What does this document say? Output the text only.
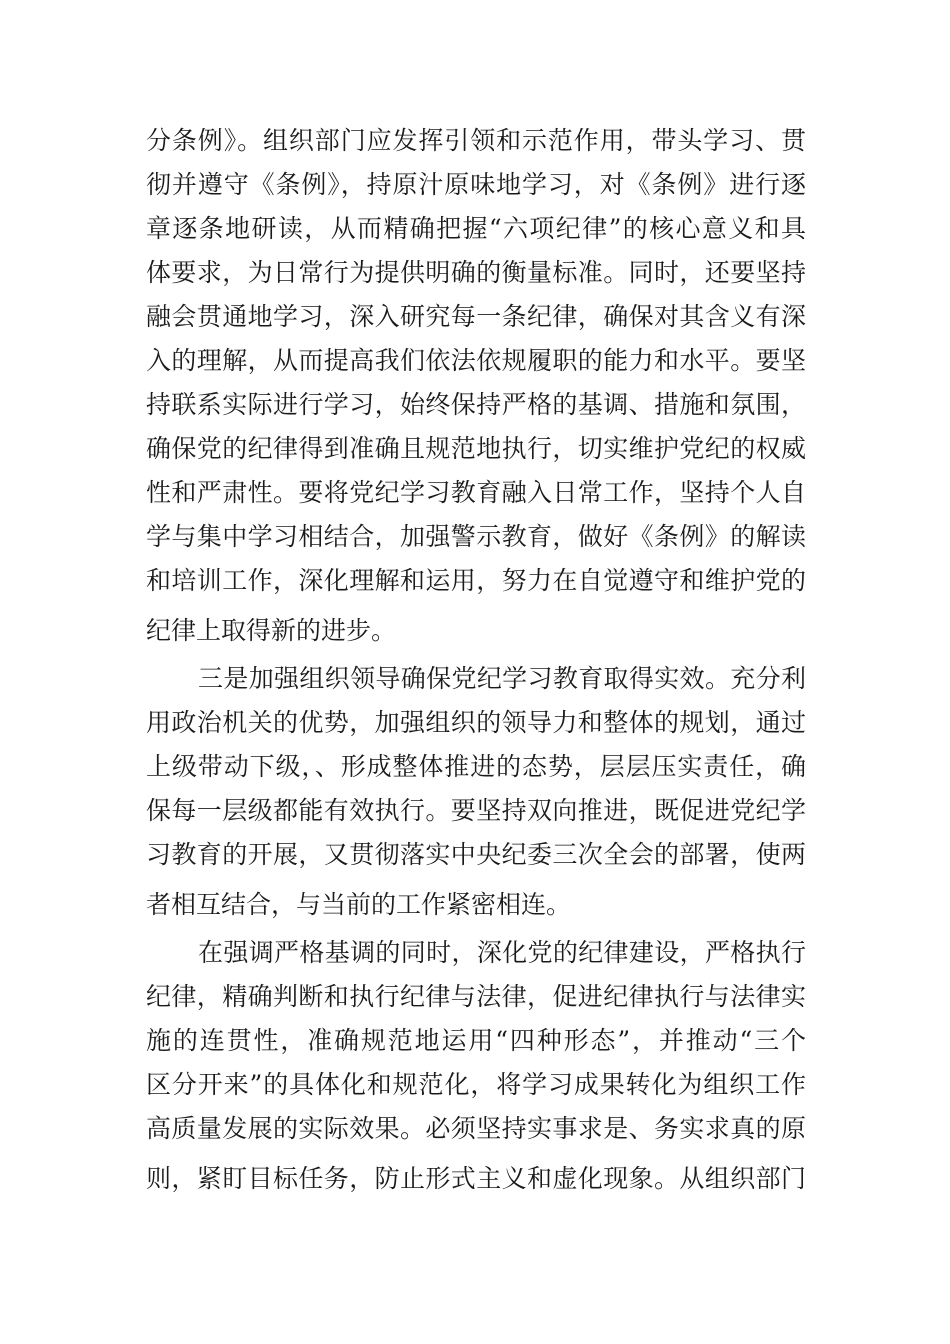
分条例》。组织部门应发挥引领和示范作用，带头学习、贯
彻并遵守《条例》，持原汁原味地学习，对《条例》进行逐
章逐条地研读，从而精确把握“六项纪律”的核心意义和具
体要求，为日常行为提供明确的衡量标准。同时，还要坚持
融会贯通地学习，深入研究每一条纪律，确保对其含义有深
入的理解，从而提高我们依法依规履职的能力和水平。要坚
持联系实际进行学习，始终保持严格的基调、措施和氛围，
确保党的纪律得到准确且规范地执行，切实维护党纪的权威
性和严肃性。要将党纪学习教育融入日常工作，坚持个人自
学与集中学习相结合，加强警示教育，做好《条例》的解读
和培训工作，深化理解和运用，努力在自觉遵守和维护党的
纪律上取得新的进步。
三是加强组织领导确保党纪学习教育取得实效。充分利
用政治机关的优势，加强组织的领导力和整体的规划，通过
上级带动下级，、形成整体推进的态势，层层压实责任，确
保每一层级都能有效执行。要坚持双向推进，既促进党纪学
习教育的开展，又贯彻落实中央纪委三次全会的部署，使两
者相互结合，与当前的工作紧密相连。
在强调严格基调的同时，深化党的纪律建设，严格执行
纪律，精确判断和执行纪律与法律，促进纪律执行与法律实
施的连贯性，准确规范地运用“四种形态”，并推动“三个
区分开来”的具体化和规范化，将学习成果转化为组织工作
高质量发展的实际效果。必须坚持实事求是、务实求真的原
则，紧盯目标任务，防止形式主义和虚化现象。从组织部门
